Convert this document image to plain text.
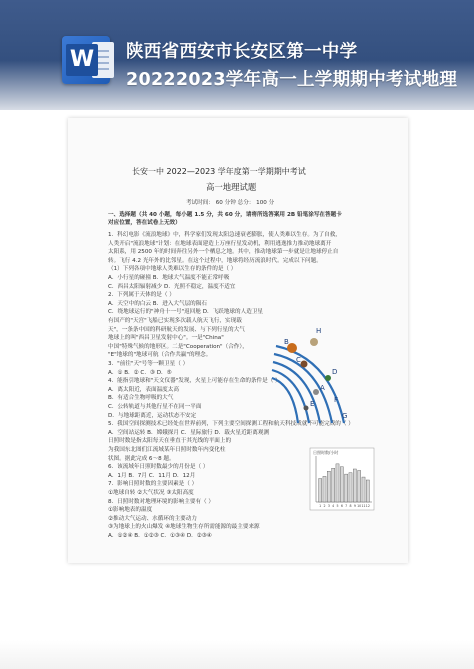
W 陕西省西安市长安区第一中学
20222023学年高一上学期期中考试地理
长安一中 2022—2023 学年度第一学期期中考试
高一地理试题
考试时间： 60 分钟 总分： 100 分
一、选择题（共 40 小题，每小题 1.5 分，共 60 分，请将所选答案用 2B 铅笔涂写在答题卡
对应位置，答在试卷上无效）
1．科幻电影《流浪地球》中，科学家们发现太阳急速衰老膨胀，使人类难以生存。为了自救，
人类开启"流浪地球"计划：在地球表面建造上万座行星发动机，利用逃逸推力推动地球离开
太阳系，用 2500 年的时间奔往另外一个栖息之地。其中，推动地球第一步就是让地球停止自
转。飞行 4.2 光年外的比邻星。在这个过程中，地球将经历流浪时代。完成以下问题。
（1）下列各项中地球人类难以生存的条件的是（ ）
A．小行星的碰撞 B．地球大气温度不能正常呼吸
C．西昌太阳辐射减少 D．光照不稳定，温度不适宜
2．下列属于天体的是（ ）
A．天空中的白云 B．进入大气层的陨石
C．绕地球运行的"神舟十一号"返回舱 D．飞跃地球的人造卫星
有国产的"天宫"飞船已实现多次载人航天飞行，实现载
天"，一条条中国的科研航天的发展、与下列行星的大气
地球上的叫"西昌卫星发射中心"。一是"China"
中国"特殊气候的地形区。二是"Cooperation"（合作），
"E"地球的"地球可航（合作共赢"的理念。
3．"前往"天"号等一颗卫星（ ）
A．① B．② C．③ D．⑤
4．能指引地球和"天文仪器"发现，火星上可能存在生命的条件是（ ）
A．离太阳近，表面温度太高
B．有适合生物呼吸的大气
C．公转轨道与其他行星不在同一平面
D．与地球距离近，运动状态不安定
5．我国空间探测技术已经处在世界前列，下列主要空间探测工程和航天科技成就不可能完成的（ ）
A．空间站运转 B．嫦娥探月 C．星际旅行 D．载火星近距离观测
日照时数是指太阳每天在垂直于其光线的平面上的
为我国东北图们江流域某年日照时数年内变化柱
状图。据此完成 6～8 题。
6．该流域年日照时数最少的月份是（ ）
A．1月 B．7月 C．11月 D．12月
7．影响日照时数的主要因素是（ ）
①地球自转 ②大气状况 ③太阳高度
8．日照时数对地理环境的影响主要有（ ）
①影响地表的温度
②推动大气运动、水循环的主要动力
③为地球上的火山爆发 ④地球生物生存所需能源的最主要来源
A．①②④ B．①②③ C．①③④ D．②③④
H
B
C
D
A
E	F
G
日照时数/小时
1 2 3 4 5 6 7 8 9 10 11 12
